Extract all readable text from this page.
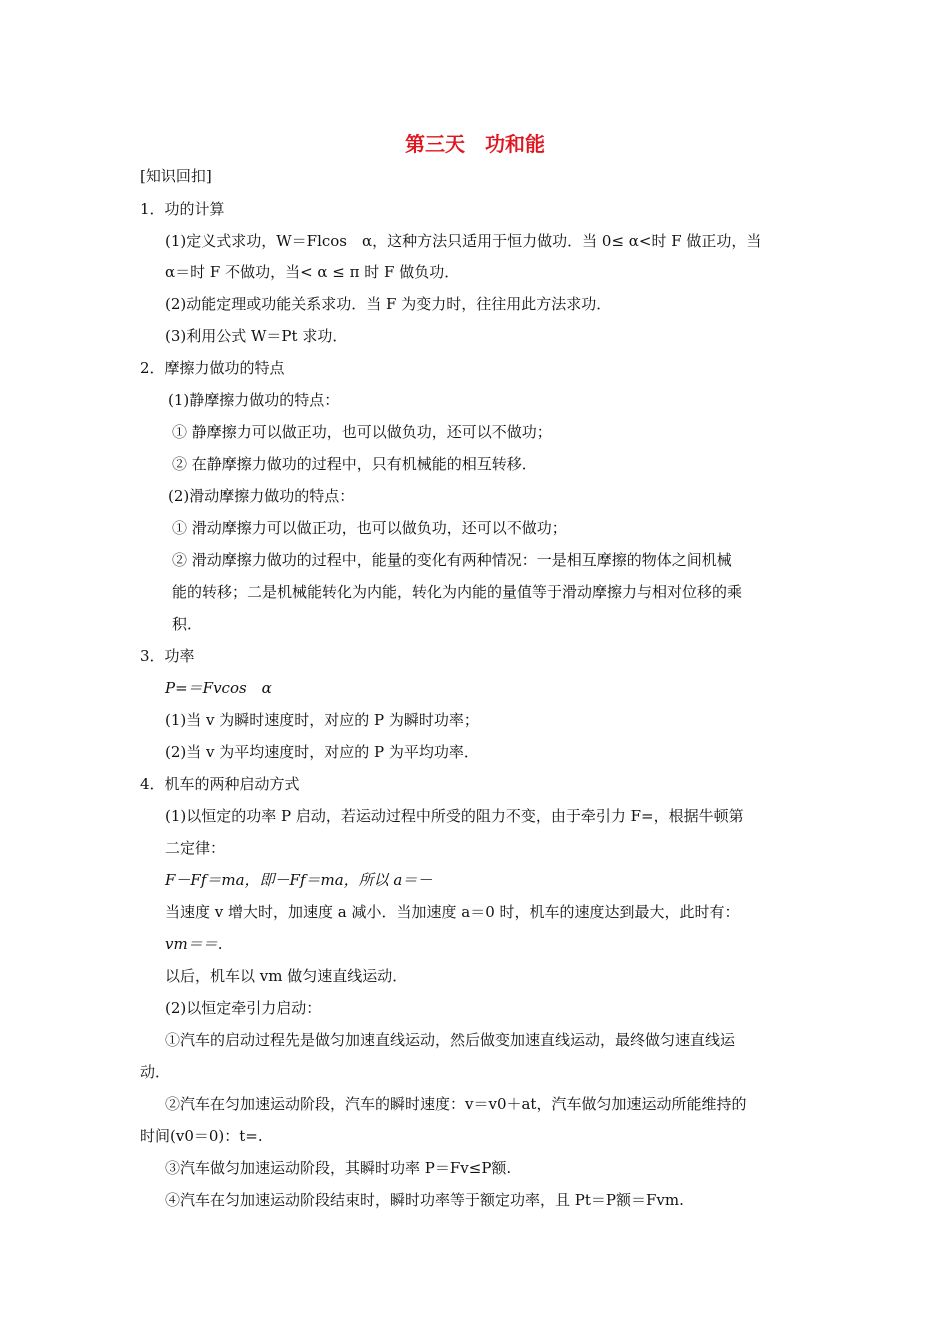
第三天　功和能
[知识回扣]
1．功的计算
(1)定义式求功，W＝Flcos　α，这种方法只适用于恒力做功．当 0≤ α<时 F 做正功，当
α＝时 F 不做功，当< α ≤ π 时 F 做负功．
(2)动能定理或功能关系求功．当 F 为变力时，往往用此方法求功．
(3)利用公式 W＝Pt 求功．
2．摩擦力做功的特点
(1)静摩擦力做功的特点：
① 静摩擦力可以做正功，也可以做负功，还可以不做功；
② 在静摩擦力做功的过程中，只有机械能的相互转移．
(2)滑动摩擦力做功的特点：
① 滑动摩擦力可以做正功，也可以做负功，还可以不做功；
② 滑动摩擦力做功的过程中，能量的变化有两种情况：一是相互摩擦的物体之间机械
能的转移；二是机械能转化为内能，转化为内能的量值等于滑动摩擦力与相对位移的乘
积．
3．功率
P=＝Fvcos　α
(1)当 v 为瞬时速度时，对应的 P 为瞬时功率；
(2)当 v 为平均速度时，对应的 P 为平均功率．
4．机车的两种启动方式
(1)以恒定的功率 P 启动，若运动过程中所受的阻力不变，由于牵引力 F=，根据牛顿第
二定律：
F－Ff＝ma，即－Ff＝ma，所以 a＝－
当速度 v 增大时，加速度 a 减小．当加速度 a＝0 时，机车的速度达到最大，此时有：
vm＝＝.
以后，机车以 vm 做匀速直线运动．
(2)以恒定牵引力启动：
①汽车的启动过程先是做匀加速直线运动，然后做变加速直线运动，最终做匀速直线运
动．
②汽车在匀加速运动阶段，汽车的瞬时速度：v＝v0＋at，汽车做匀加速运动所能维持的
时间(v0＝0)：t=.
③汽车做匀加速运动阶段，其瞬时功率 P＝Fv≤P额.
④汽车在匀加速运动阶段结束时，瞬时功率等于额定功率，且 Pt＝P额＝Fvm.
